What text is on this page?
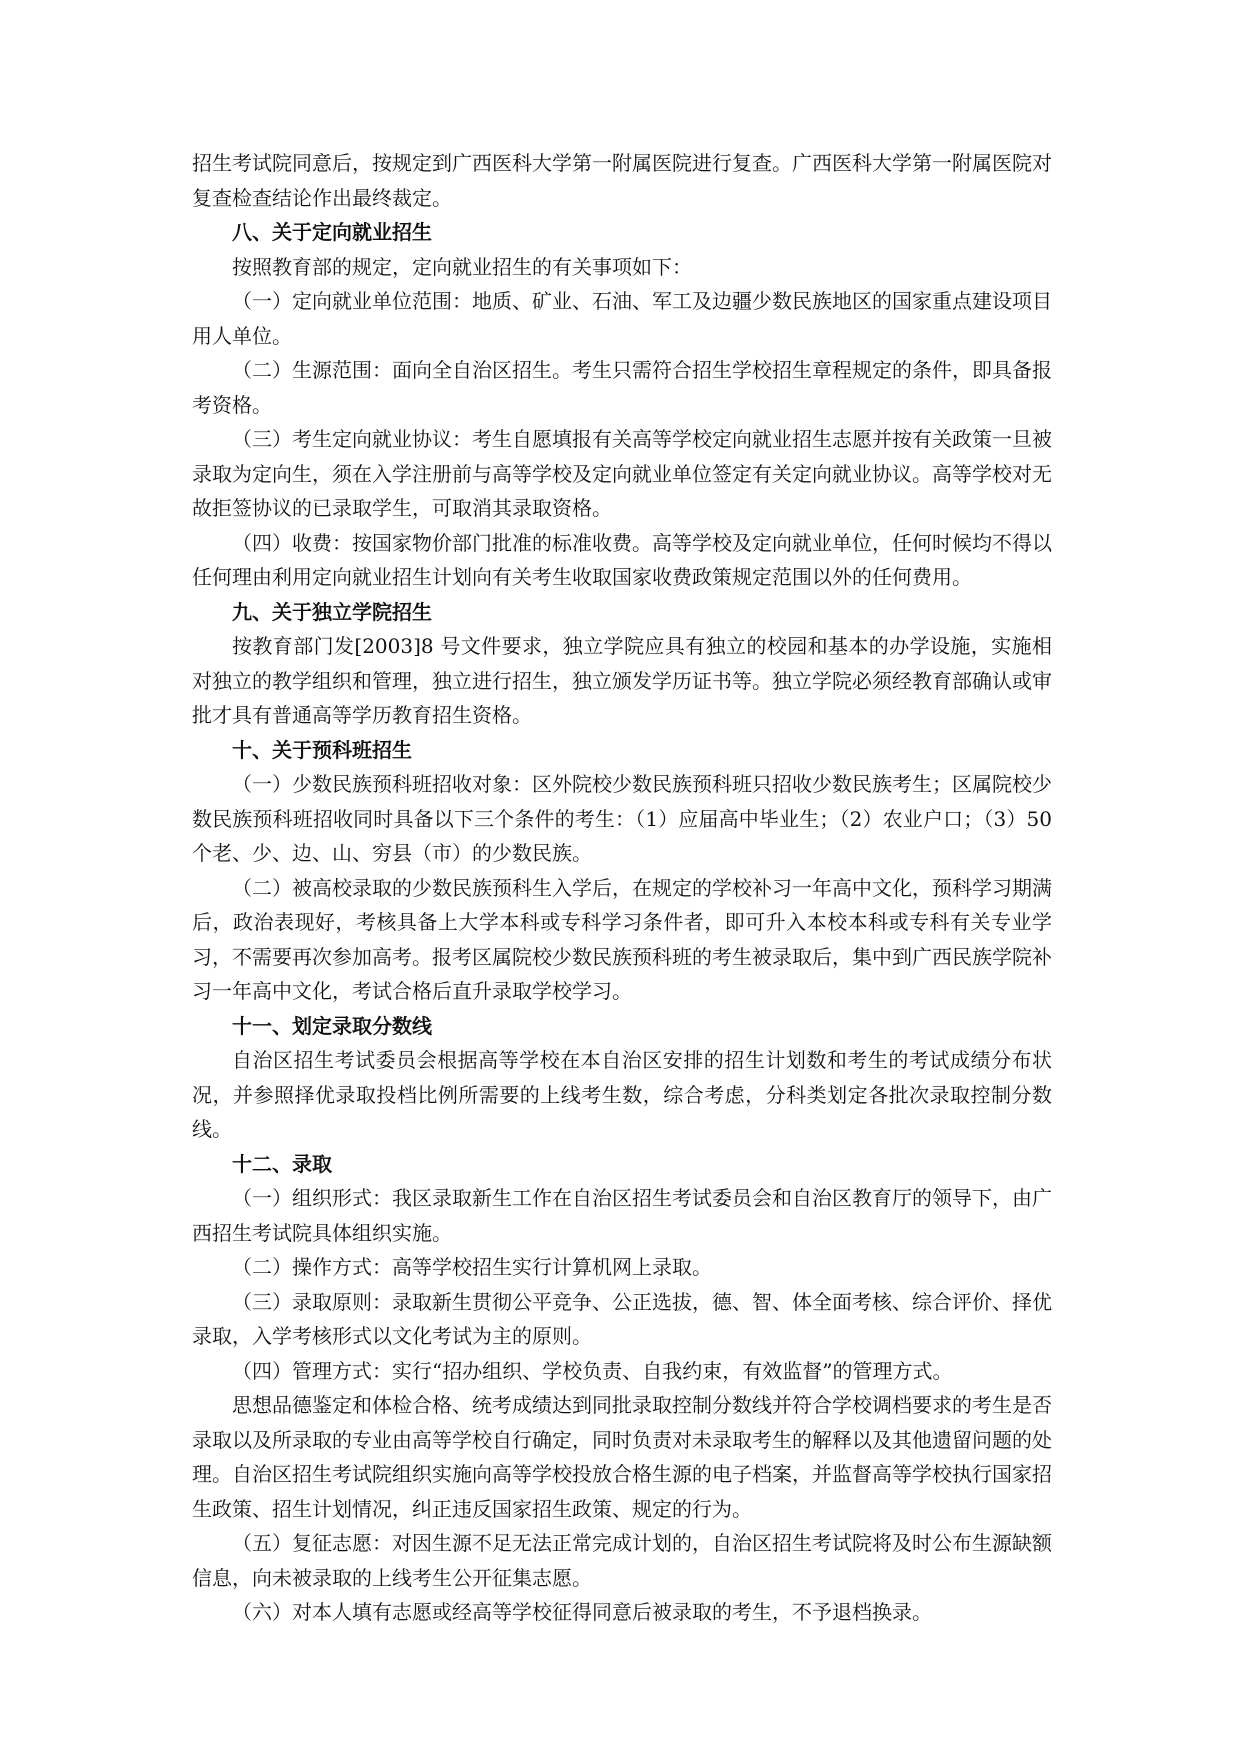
招生考试院同意后，按规定到广西医科大学第一附属医院进行复查。广西医科大学第一附属医院对复查检查结论作出最终裁定。

八、关于定向就业招生

按照教育部的规定，定向就业招生的有关事项如下：

（一）定向就业单位范围：地质、矿业、石油、军工及边疆少数民族地区的国家重点建设项目用人单位。

（二）生源范围：面向全自治区招生。考生只需符合招生学校招生章程规定的条件，即具备报考资格。

（三）考生定向就业协议：考生自愿填报有关高等学校定向就业招生志愿并按有关政策一旦被录取为定向生，须在入学注册前与高等学校及定向就业单位签定有关定向就业协议。高等学校对无故拒签协议的已录取学生，可取消其录取资格。

（四）收费：按国家物价部门批准的标准收费。高等学校及定向就业单位，任何时候均不得以任何理由利用定向就业招生计划向有关考生收取国家收费政策规定范围以外的任何费用。

九、关于独立学院招生

按教育部门发[2003]8 号文件要求，独立学院应具有独立的校园和基本的办学设施，实施相对独立的教学组织和管理，独立进行招生，独立颁发学历证书等。独立学院必须经教育部确认或审批才具有普通高等学历教育招生资格。

十、关于预科班招生

（一）少数民族预科班招收对象：区外院校少数民族预科班只招收少数民族考生；区属院校少数民族预科班招收同时具备以下三个条件的考生：（1）应届高中毕业生；（2）农业户口；（3）50 个老、少、边、山、穷县（市）的少数民族。

（二）被高校录取的少数民族预科生入学后，在规定的学校补习一年高中文化，预科学习期满后，政治表现好，考核具备上大学本科或专科学习条件者，即可升入本校本科或专科有关专业学习，不需要再次参加高考。报考区属院校少数民族预科班的考生被录取后，集中到广西民族学院补习一年高中文化，考试合格后直升录取学校学习。

十一、划定录取分数线

自治区招生考试委员会根据高等学校在本自治区安排的招生计划数和考生的考试成绩分布状况，并参照择优录取投档比例所需要的上线考生数，综合考虑，分科类划定各批次录取控制分数线。

十二、录取

（一）组织形式：我区录取新生工作在自治区招生考试委员会和自治区教育厅的领导下，由广西招生考试院具体组织实施。

（二）操作方式：高等学校招生实行计算机网上录取。

（三）录取原则：录取新生贯彻公平竞争、公正选拔，德、智、体全面考核、综合评价、择优录取，入学考核形式以文化考试为主的原则。

（四）管理方式：实行“招办组织、学校负责、自我约束，有效监督”的管理方式。

思想品德鉴定和体检合格、统考成绩达到同批录取控制分数线并符合学校调档要求的考生是否录取以及所录取的专业由高等学校自行确定，同时负责对未录取考生的解释以及其他遗留问题的处理。自治区招生考试院组织实施向高等学校投放合格生源的电子档案，并监督高等学校执行国家招生政策、招生计划情况，纠正违反国家招生政策、规定的行为。

（五）复征志愿：对因生源不足无法正常完成计划的，自治区招生考试院将及时公布生源缺额信息，向未被录取的上线考生公开征集志愿。

（六）对本人填有志愿或经高等学校征得同意后被录取的考生，不予退档换录。
